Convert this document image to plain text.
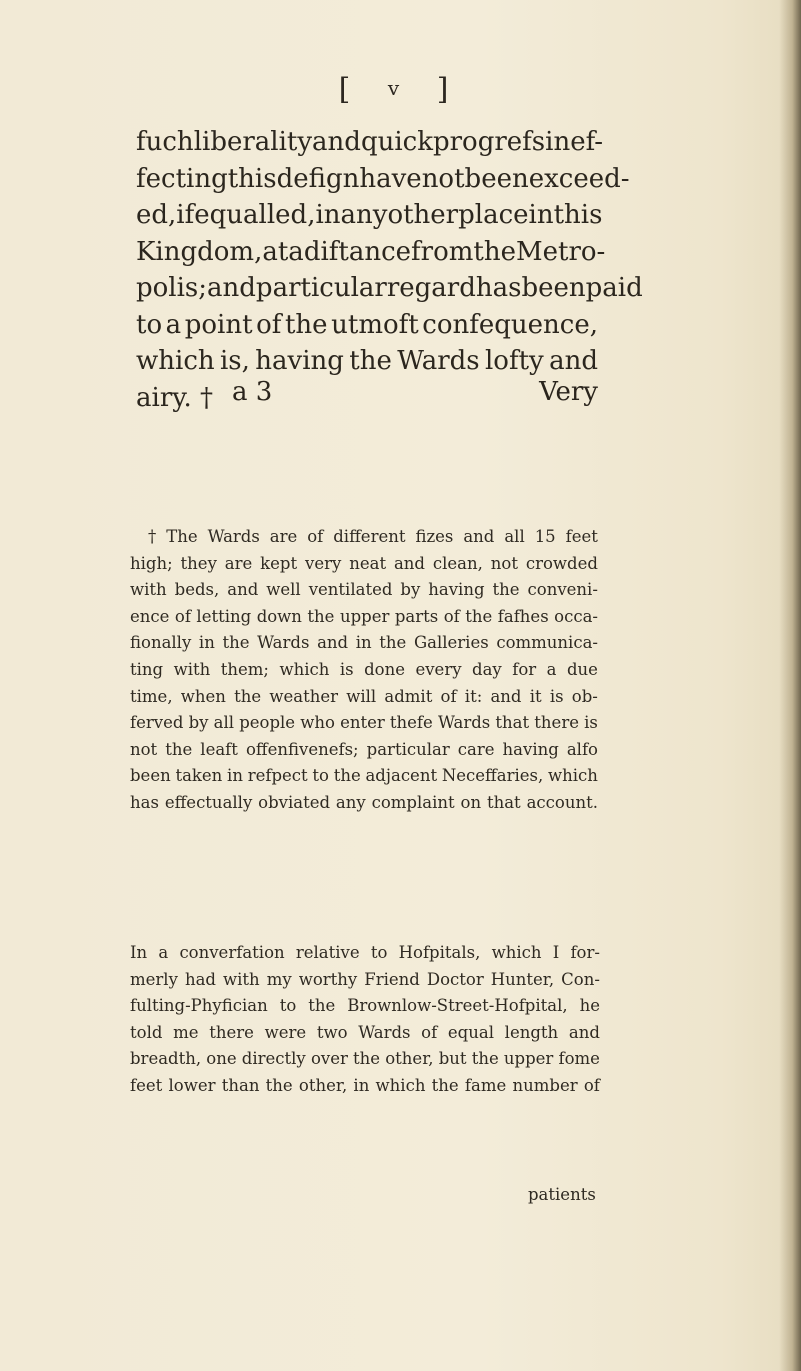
[ v ]
fuch liberality and quick progrefs in ef-
fecting this defign have not been exceed-
ed, if equalled, in any other place in this
Kingdom, at a diftance from the Metro-
polis; and particular regard has been paid
to a point of the utmoft confequence,
which is, having the Wards lofty and
airy. † a 3	Very
† The Wards are of different fizes and all 15 feet
high; they are kept very neat and clean, not crowded
with beds, and well ventilated by having the conveni-
ence of letting down the upper parts of the fafhes occa-
fionally in the Wards and in the Galleries communica-
ting with them; which is done every day for a due
time, when the weather will admit of it: and it is ob-
ferved by all people who enter thefe Wards that there is
not the leaft offenfivenefs; particular care having alfo
been taken in refpect to the adjacent Neceffaries, which
has effectually obviated any complaint on that account.
In a converfation relative to Hofpitals, which I for-
merly had with my worthy Friend Doctor Hunter, Con-
fulting-Phyfician to the Brownlow-Street-Hofpital, he
told me there were two Wards of equal length and
breadth, one directly over the other, but the upper fome
feet lower than the other, in which the fame number of
patients
